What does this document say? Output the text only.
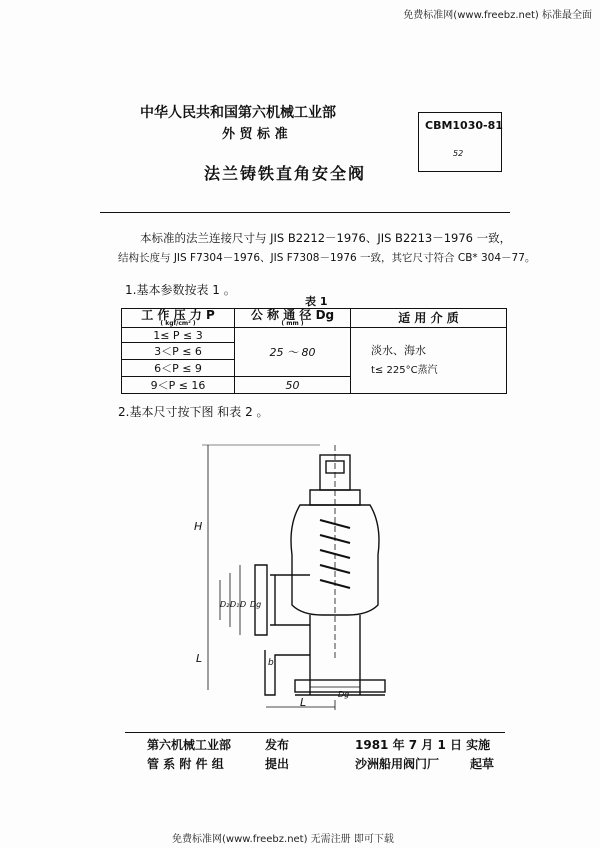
免费标准网(www.freebz.net) 标准最全面
中华人民共和国第六机械工业部
外 贸 标 准
CBM1030-81
52
法兰铸铁直角安全阀
本标准的法兰连接尺寸与 JIS B2212－1976、JIS B2213－1976 一致，
结构长度与 JIS F7304－1976、JIS F7308－1976 一致，其它尺寸符合 CB* 304－77。
1.基本参数按表 1 。
表 1
工 作 压 力 P
( kgf/cm² )	公 称 通 径 Dg
( mm )	适 用 介 质
1≤ P ≤ 3	25 ～ 80	淡水、海水
t≤ 225°C蒸汽

3＜P ≤ 6		
6＜P ≤ 9		
9＜P ≤ 16	50	
2.基本尺寸按下图 和表 2 。
H
L
D
D₁
D₂	Dg
b
Dg
L
第六机械工业部	发布	1981 年 7 月 1 日 实施
管 系 附 件 组	提出	沙洲船用阀门厂	起草
免费标准网(www.freebz.net) 无需注册 即可下载
